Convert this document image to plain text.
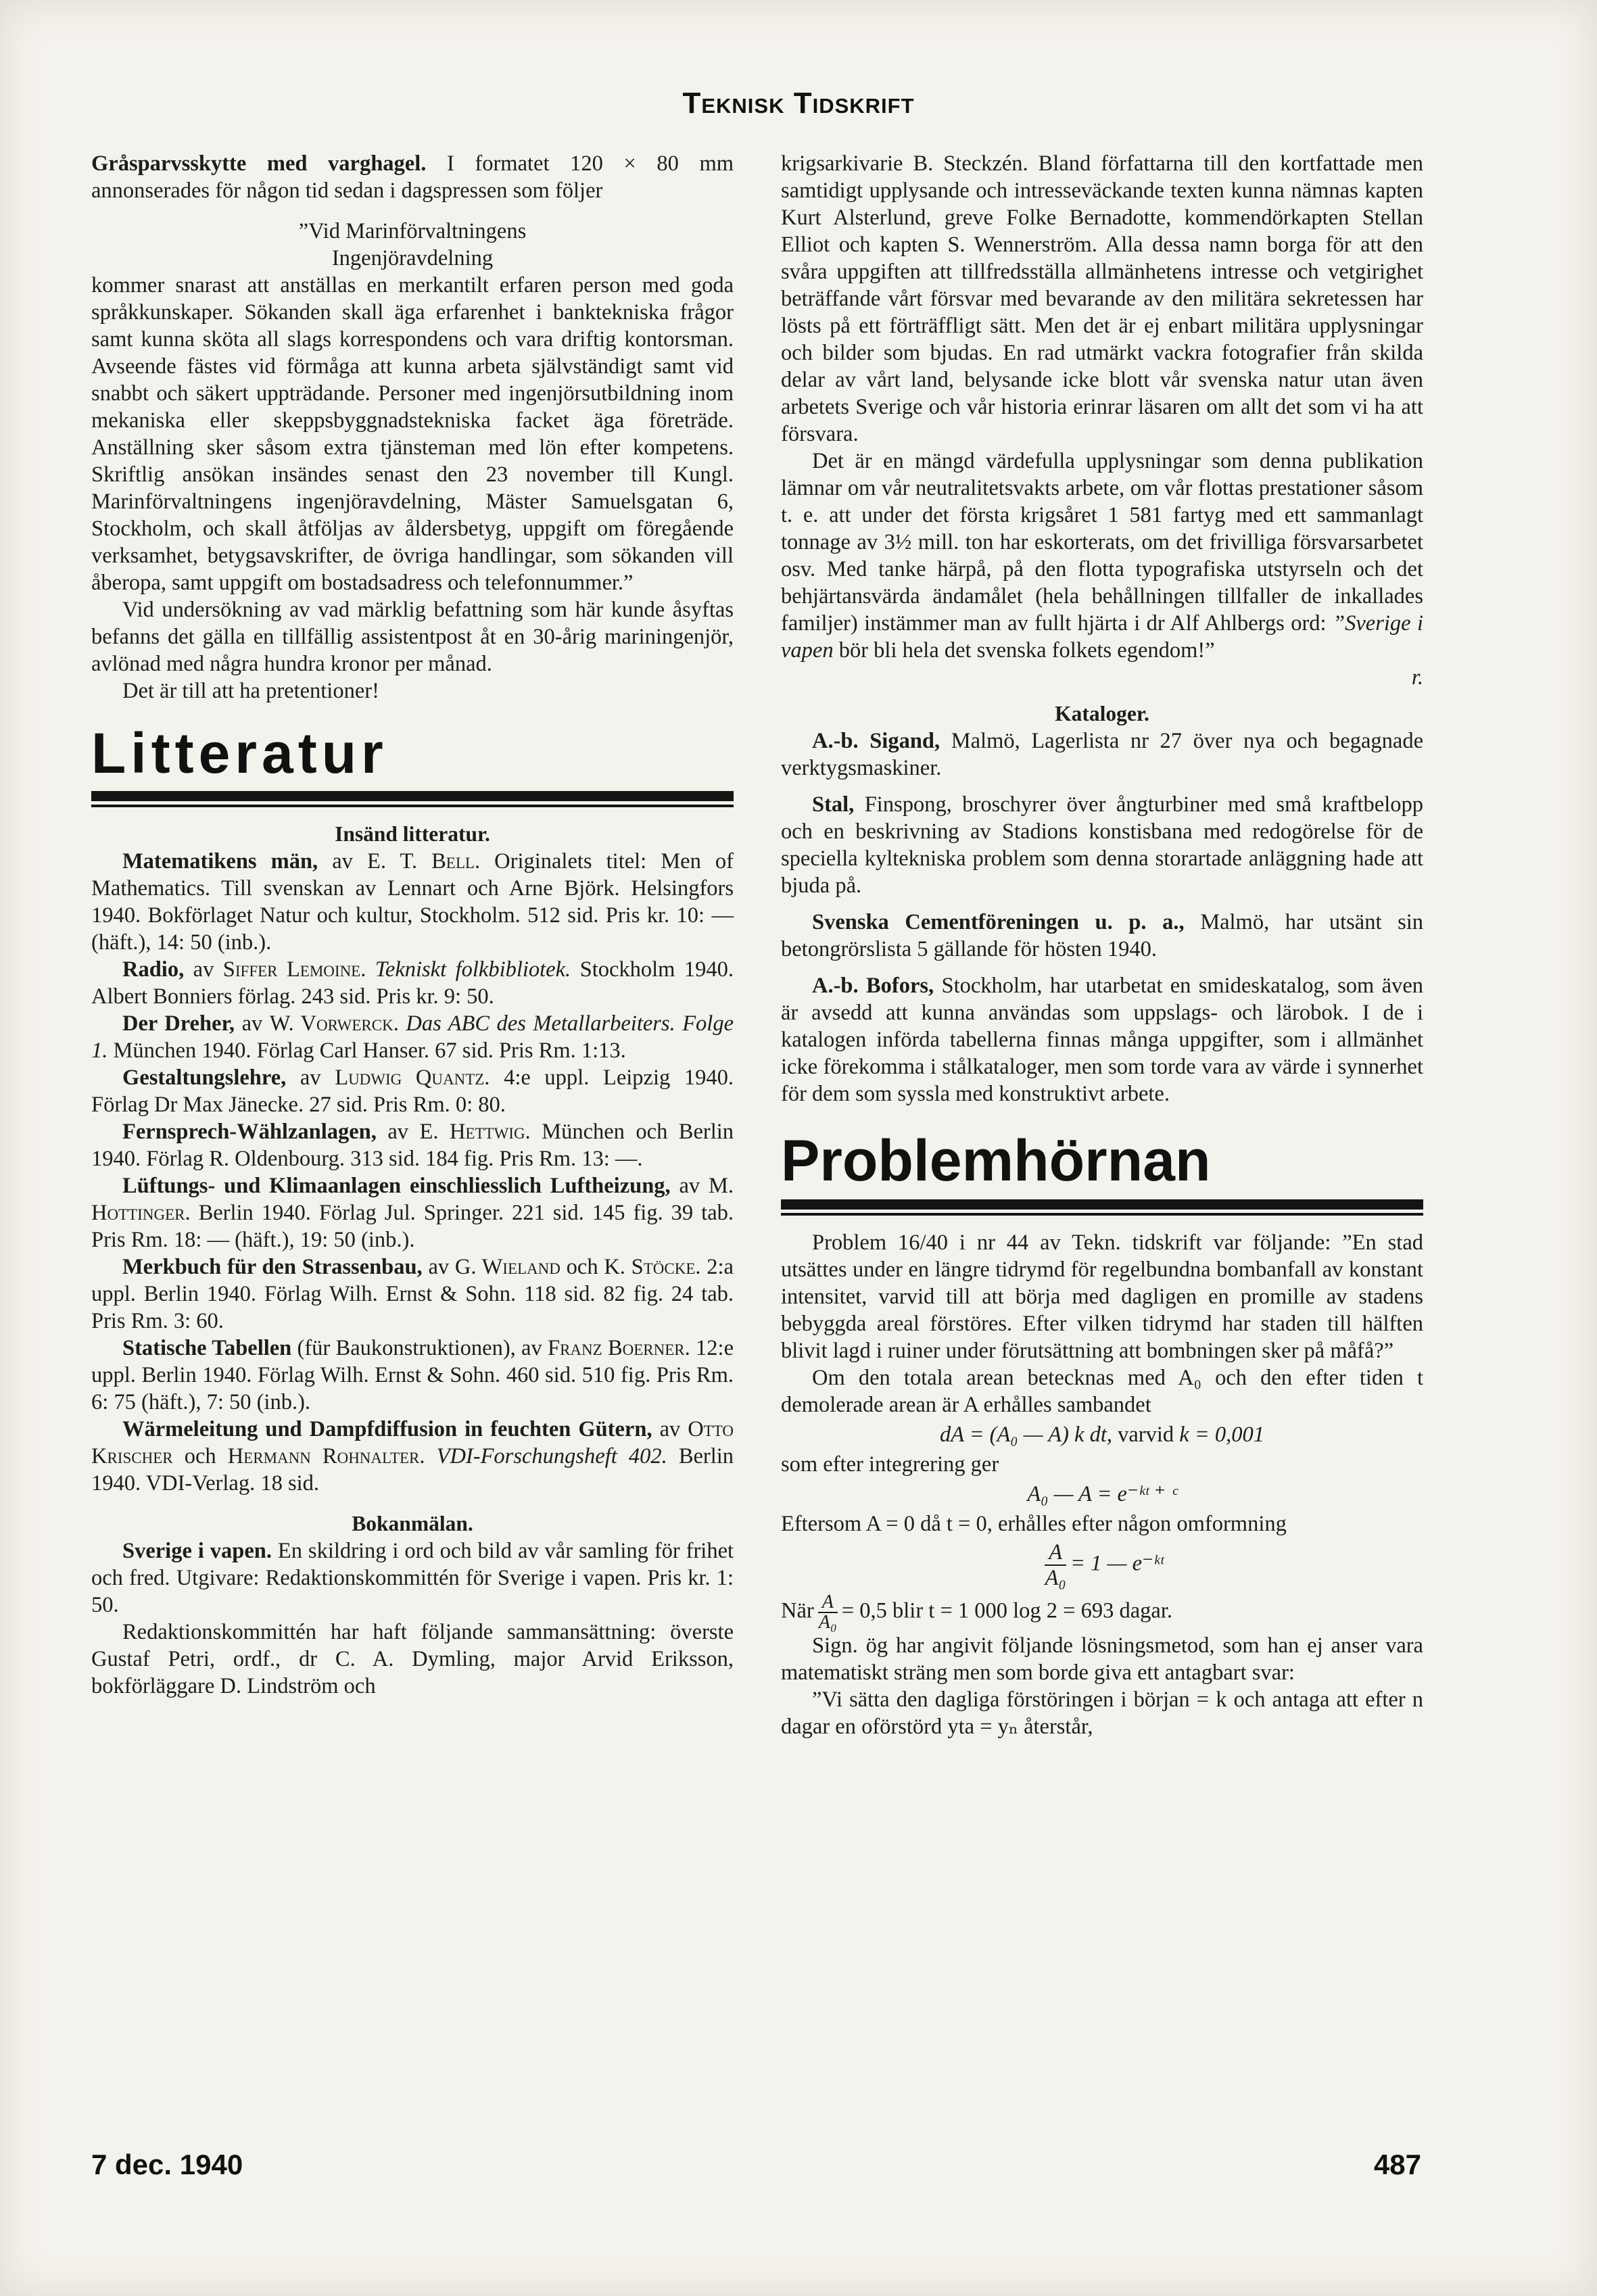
Teknisk Tidskrift

Gråsparvsskytte med varghagel. I formatet 120 × 80 mm annonserades för någon tid sedan i dagspressen som följer

”Vid Marinförvaltningens

Ingenjöravdelning

kommer snarast att anställas en merkantilt erfaren person med goda språkkunskaper. Sökanden skall äga erfarenhet i banktekniska frågor samt kunna sköta all slags korrespondens och vara driftig kontorsman. Avseende fästes vid förmåga att kunna arbeta självständigt samt vid snabbt och säkert uppträdande. Personer med ingenjörsutbildning inom mekaniska eller skeppsbyggnadstekniska facket äga företräde. Anställning sker såsom extra tjänsteman med lön efter kompetens. Skriftlig ansökan insändes senast den 23 november till Kungl. Marinförvaltningens ingenjöravdelning, Mäster Samuelsgatan 6, Stockholm, och skall åtföljas av åldersbetyg, uppgift om föregående verksamhet, betygsavskrifter, de övriga handlingar, som sökanden vill åberopa, samt uppgift om bostadsadress och telefonnummer.”

Vid undersökning av vad märklig befattning som här kunde åsyftas befanns det gälla en tillfällig assistentpost åt en 30-årig mariningenjör, avlönad med några hundra kronor per månad.

Det är till att ha pretentioner!

Litteratur

Insänd litteratur.

Matematikens män, av E. T. Bell. Originalets titel: Men of Mathematics. Till svenskan av Lennart och Arne Björk. Helsingfors 1940. Bokförlaget Natur och kultur, Stockholm. 512 sid. Pris kr. 10: — (häft.), 14: 50 (inb.).

Radio, av Siffer Lemoine. Tekniskt folkbibliotek. Stockholm 1940. Albert Bonniers förlag. 243 sid. Pris kr. 9: 50.

Der Dreher, av W. Vorwerck. Das ABC des Metallarbeiters. Folge 1. München 1940. Förlag Carl Hanser. 67 sid. Pris Rm. 1:13.

Gestaltungslehre, av Ludwig Quantz. 4:e uppl. Leipzig 1940. Förlag Dr Max Jänecke. 27 sid. Pris Rm. 0: 80.

Fernsprech-Wählzanlagen, av E. Hettwig. München och Berlin 1940. Förlag R. Oldenbourg. 313 sid. 184 fig. Pris Rm. 13: —.

Lüftungs- und Klimaanlagen einschliesslich Luftheizung, av M. Hottinger. Berlin 1940. Förlag Jul. Springer. 221 sid. 145 fig. 39 tab. Pris Rm. 18: — (häft.), 19: 50 (inb.).

Merkbuch für den Strassenbau, av G. Wieland och K. Stöcke. 2:a uppl. Berlin 1940. Förlag Wilh. Ernst & Sohn. 118 sid. 82 fig. 24 tab. Pris Rm. 3: 60.

Statische Tabellen (für Baukonstruktionen), av Franz Boerner. 12:e uppl. Berlin 1940. Förlag Wilh. Ernst & Sohn. 460 sid. 510 fig. Pris Rm. 6: 75 (häft.), 7: 50 (inb.).

Wärmeleitung und Dampfdiffusion in feuchten Gütern, av Otto Krischer och Hermann Rohnalter. VDI-Forschungsheft 402. Berlin 1940. VDI-Verlag. 18 sid.

Bokanmälan.

Sverige i vapen. En skildring i ord och bild av vår samling för frihet och fred. Utgivare: Redaktionskommittén för Sverige i vapen. Pris kr. 1: 50.

Redaktionskommittén har haft följande sammansättning: överste Gustaf Petri, ordf., dr C. A. Dymling, major Arvid Eriksson, bokförläggare D. Lindström och

krigsarkivarie B. Steckzén. Bland författarna till den kortfattade men samtidigt upplysande och intresseväckande texten kunna nämnas kapten Kurt Alsterlund, greve Folke Bernadotte, kommendörkapten Stellan Elliot och kapten S. Wennerström. Alla dessa namn borga för att den svåra uppgiften att tillfredsställa allmänhetens intresse och vetgirighet beträffande vårt försvar med bevarande av den militära sekretessen har lösts på ett förträffligt sätt. Men det är ej enbart militära upplysningar och bilder som bjudas. En rad utmärkt vackra fotografier från skilda delar av vårt land, belysande icke blott vår svenska natur utan även arbetets Sverige och vår historia erinrar läsaren om allt det som vi ha att försvara.

Det är en mängd värdefulla upplysningar som denna publikation lämnar om vår neutralitetsvakts arbete, om vår flottas prestationer såsom t. e. att under det första krigsåret 1 581 fartyg med ett sammanlagt tonnage av 3½ mill. ton har eskorterats, om det frivilliga försvarsarbetet osv. Med tanke härpå, på den flotta typografiska utstyrseln och det behjärtansvärda ändamålet (hela behållningen tillfaller de inkallades familjer) instämmer man av fullt hjärta i dr Alf Ahlbergs ord: ”Sverige i vapen bör bli hela det svenska folkets egendom!”

r.

Kataloger.

A.-b. Sigand, Malmö, Lagerlista nr 27 över nya och begagnade verktygsmaskiner.

Stal, Finspong, broschyrer över ångturbiner med små kraftbelopp och en beskrivning av Stadions konstisbana med redogörelse för de speciella kyltekniska problem som denna storartade anläggning hade att bjuda på.

Svenska Cementföreningen u. p. a., Malmö, har utsänt sin betongrörslista 5 gällande för hösten 1940.

A.-b. Bofors, Stockholm, har utarbetat en smideskatalog, som även är avsedd att kunna användas som uppslags- och lärobok. I de i katalogen införda tabellerna finnas många uppgifter, som i allmänhet icke förekomma i stålkataloger, men som torde vara av värde i synnerhet för dem som syssla med konstruktivt arbete.

Problemhörnan

Problem 16/40 i nr 44 av Tekn. tidskrift var följande: ”En stad utsättes under en längre tidrymd för regelbundna bombanfall av konstant intensitet, varvid till att börja med dagligen en promille av stadens bebyggda areal förstöres. Efter vilken tidrymd har staden till hälften blivit lagd i ruiner under förutsättning att bombningen sker på måfå?”

Om den totala arean betecknas med A₀ och den efter tiden t demolerade arean är A erhålles sambandet

dA = (A₀ — A) k dt, varvid k = 0,001

som efter integrering ger

A₀ — A = e⁻ᵏᵗ ⁺ ᶜ

Eftersom A = 0 då t = 0, erhålles efter någon omformning

$\frac{A}{\text{A₀}} = 1$ — e⁻ᵏᵗ

När $\frac{A}{\text{A₀}} = 0,5$ blir t = 1 000 log 2 = 693 dagar.

Sign. ög har angivit följande lösningsmetod, som han ej anser vara matematiskt sträng men som borde giva ett antagbart svar:

”Vi sätta den dagliga förstöringen i början = k och antaga att efter n dagar en oförstörd yta = yₙ återstår,

7 dec. 1940	487
